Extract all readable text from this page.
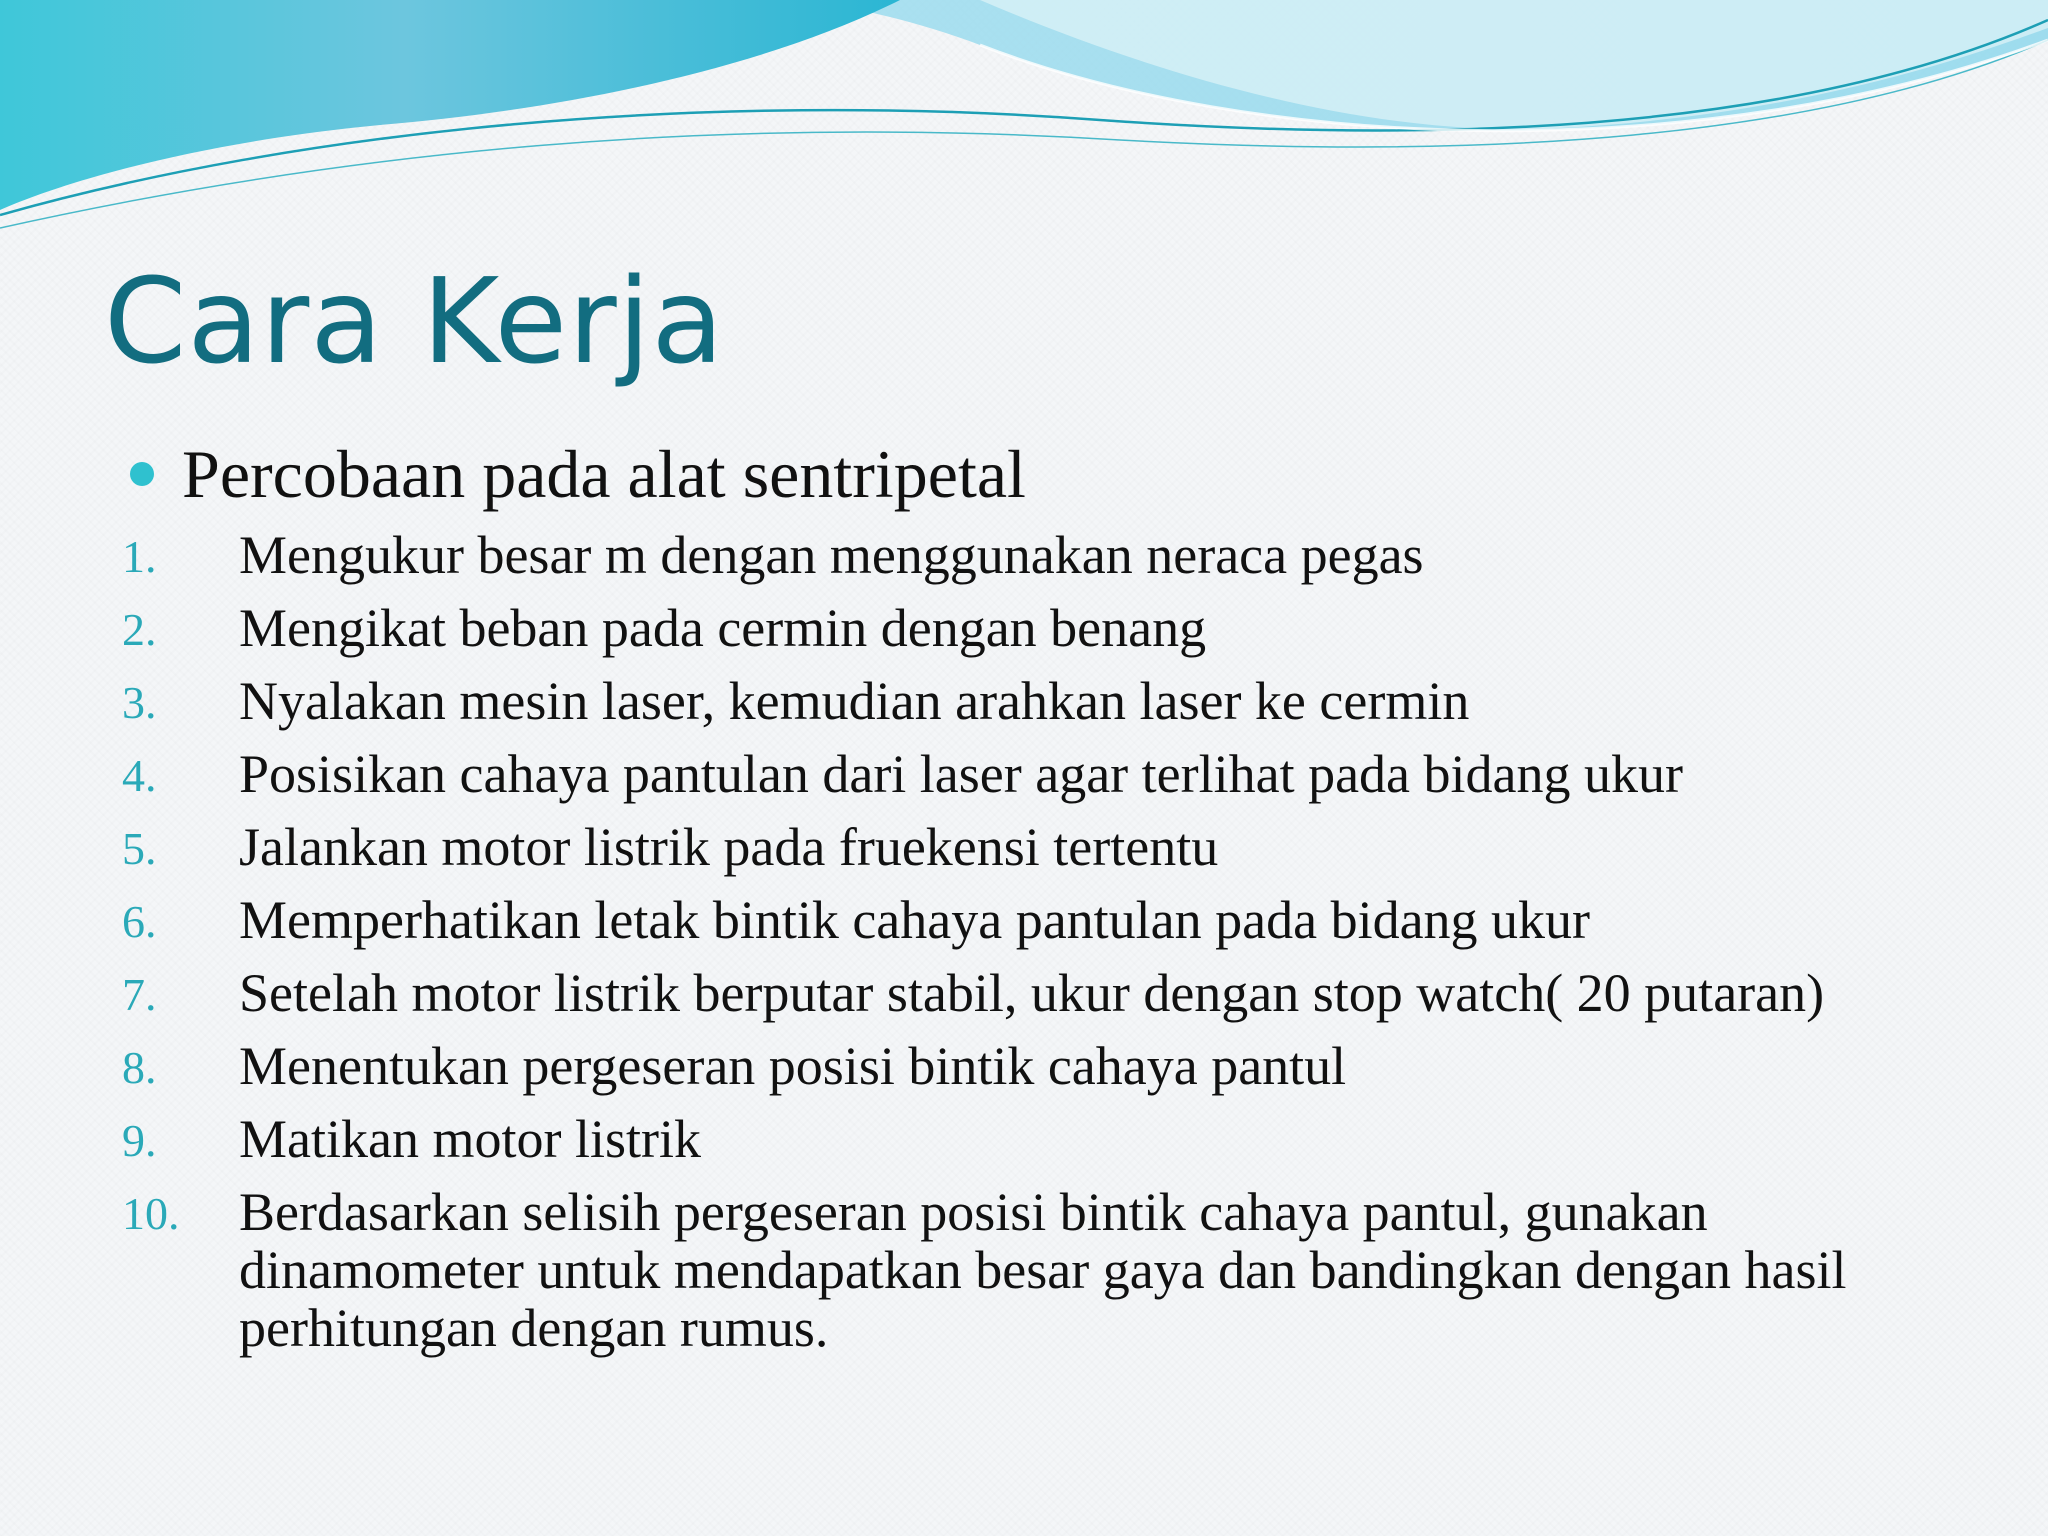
Cara Kerja
Percobaan pada alat sentripetal
1.	Mengukur besar m dengan menggunakan neraca pegas
2.	Mengikat beban pada cermin dengan benang
3.	Nyalakan mesin laser, kemudian arahkan laser ke cermin
4.	Posisikan cahaya pantulan dari laser agar terlihat pada bidang ukur
5.	Jalankan motor listrik pada fruekensi tertentu
6.	Memperhatikan letak bintik cahaya pantulan pada bidang ukur
7.	Setelah motor listrik berputar stabil, ukur dengan stop watch( 20 putaran)
8.	Menentukan pergeseran posisi bintik cahaya pantul
9.	Matikan motor listrik
10.	Berdasarkan selisih pergeseran posisi bintik cahaya pantul, gunakan dinamometer untuk mendapatkan besar gaya dan bandingkan dengan hasil perhitungan dengan rumus.
